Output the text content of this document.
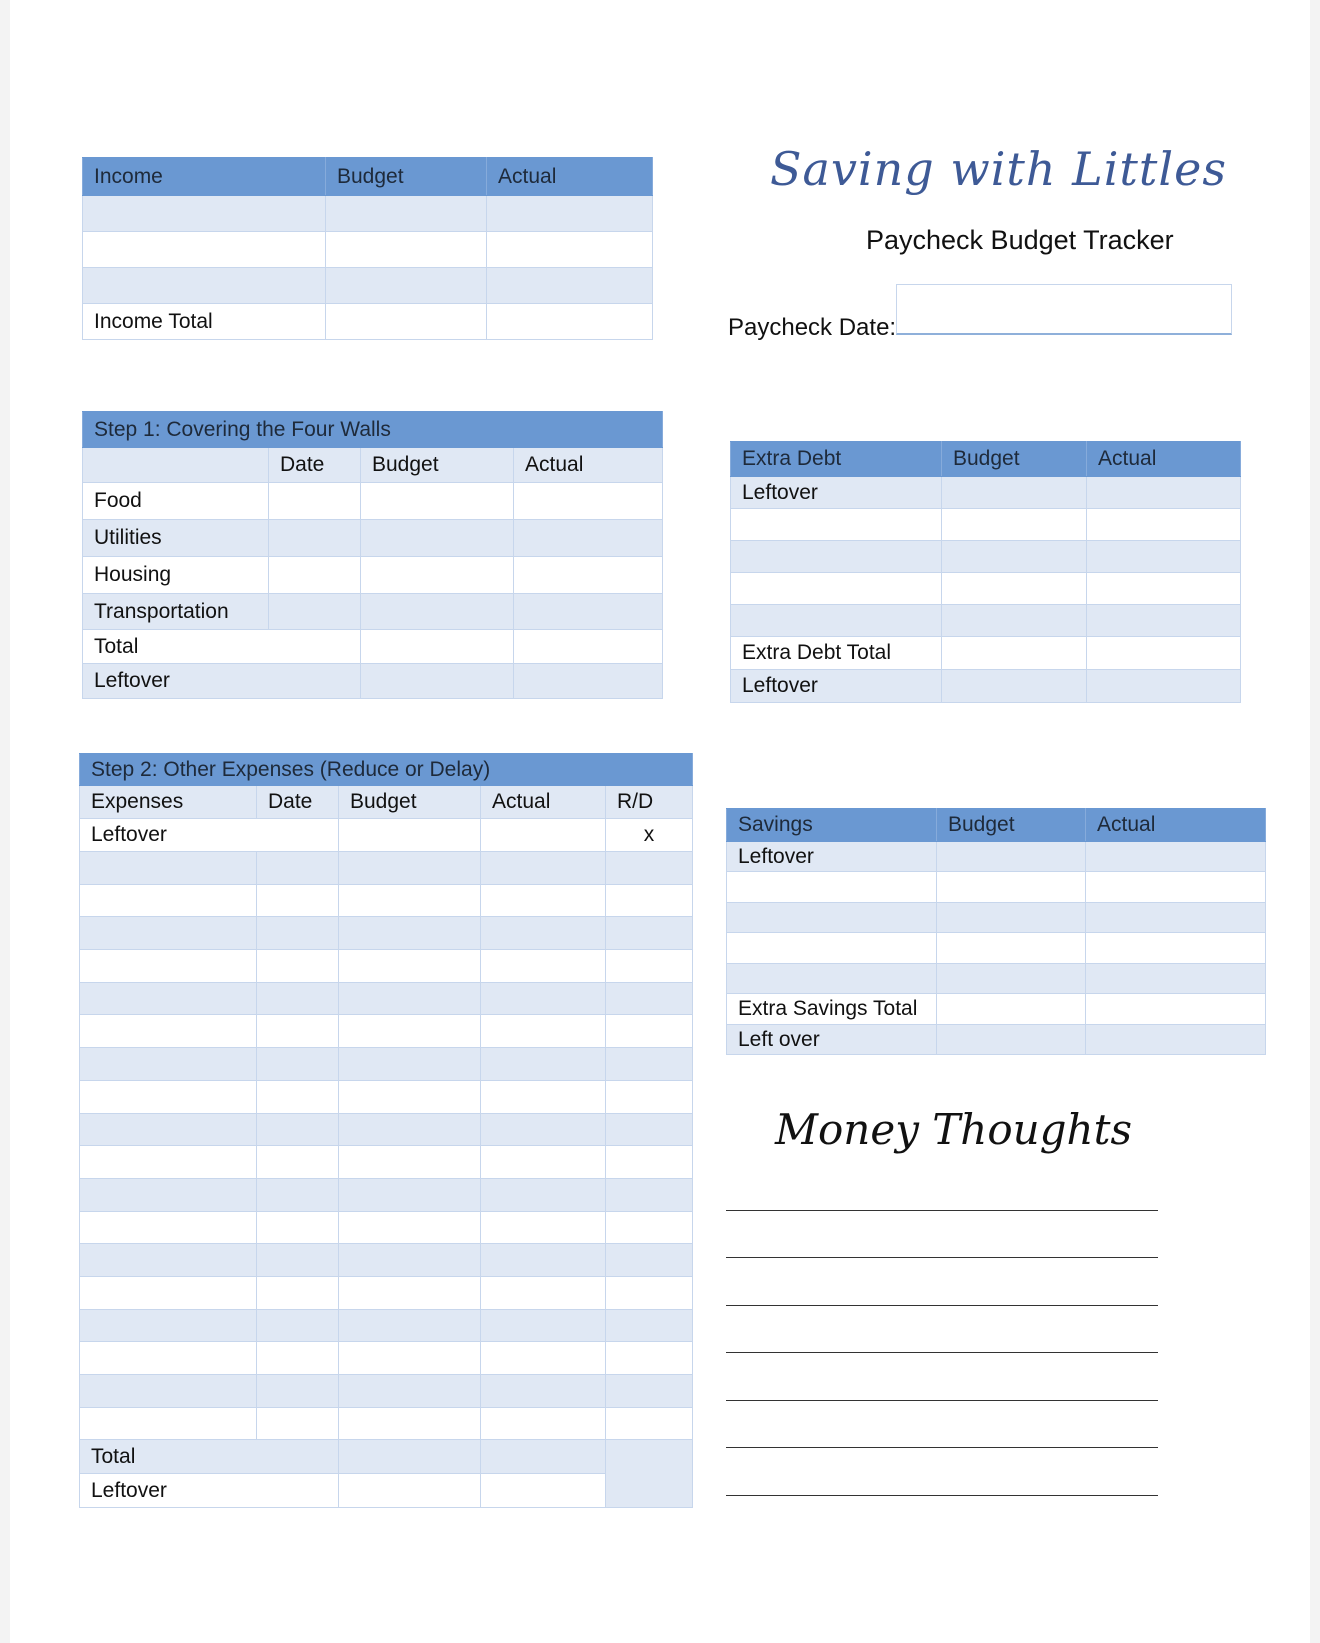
Income	Budget	Actual

Income Total		
Saving with Littles
Paycheck Budget Tracker
Paycheck Date:
Step 1: Covering the Four Walls			
	Date	Budget	Actual
Food			
Utilities			
Housing			
Transportation			
Total			
Leftover			
Extra Debt	Budget	Actual
Leftover		

Extra Debt Total		
Leftover		
Step 2: Other Expenses (Reduce or Delay)				
Expenses	Date	Budget	Actual	R/D
Leftover				x

Total				
Leftover				
Savings	Budget	Actual
Leftover		

Extra Savings Total		
Left over		
Money Thoughts
